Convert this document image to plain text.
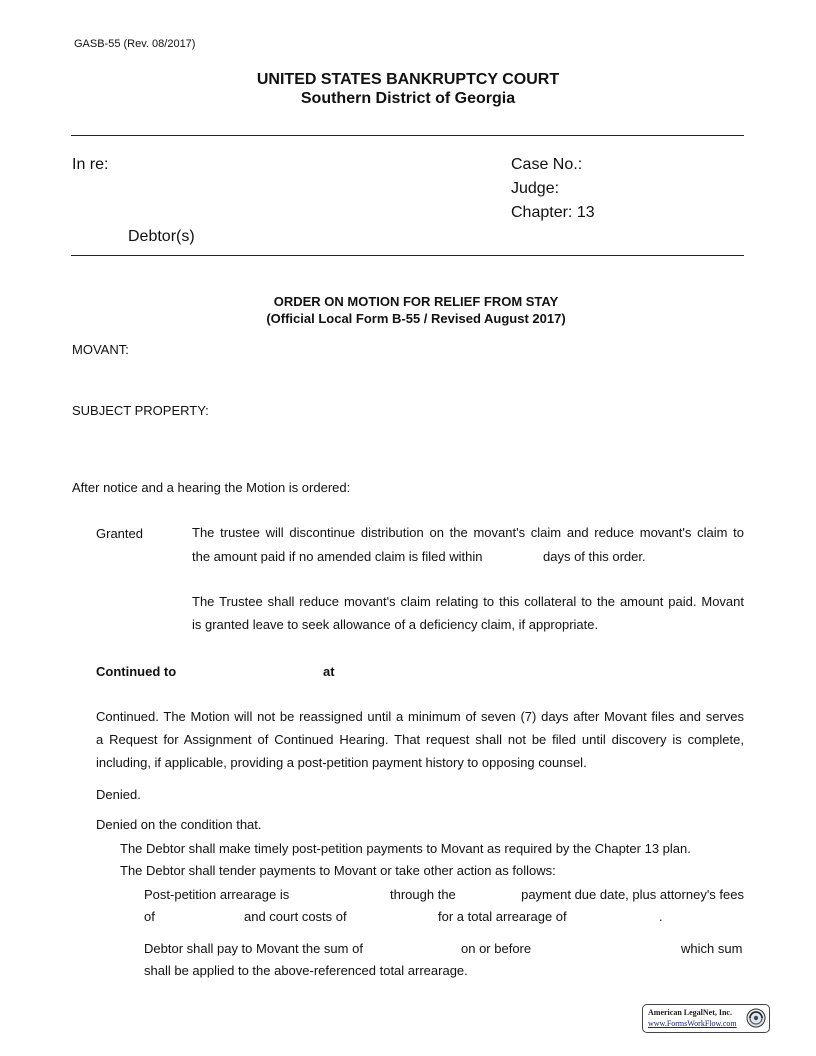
GASB-55 (Rev. 08/2017)
UNITED STATES BANKRUPTCY COURT
Southern District of Georgia
In re:	Case No.:
Judge:
Chapter: 13
Debtor(s)
ORDER ON MOTION FOR RELIEF FROM STAY
(Official Local Form B-55 / Revised August 2017)
MOVANT:
SUBJECT PROPERTY:
After notice and a hearing the Motion is ordered:
Granted	The trustee will discontinue distribution on the movant's claim and reduce movant's claim to
the amount paid if no amended claim is filed within	days of this order.
The Trustee shall reduce movant's claim relating to this collateral to the amount paid. Movant
is granted leave to seek allowance of a deficiency claim, if appropriate.
Continued to	at
Continued. The Motion will not be reassigned until a minimum of seven (7) days after Movant files and serves
a Request for Assignment of Continued Hearing. That request shall not be filed until discovery is complete,
including, if applicable, providing a post-petition payment history to opposing counsel.
Denied.
Denied on the condition that.
The Debtor shall make timely post-petition payments to Movant as required by the Chapter 13 plan.
The Debtor shall tender payments to Movant or take other action as follows:
Post-petition arrearage is	through the	payment due date, plus attorney's fees
of	and court costs of	for a total arrearage of	.
Debtor shall pay to Movant the sum of	on or before	which sum
shall be applied to the above-referenced total arrearage.
American LegalNet, Inc.
www.FormsWorkFlow.com
